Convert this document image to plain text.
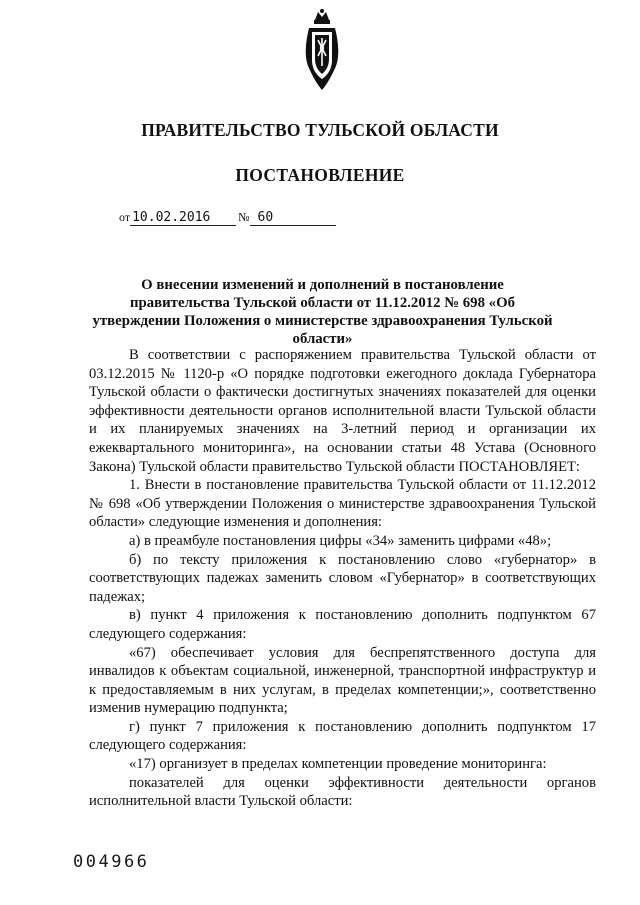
ПРАВИТЕЛЬСТВО ТУЛЬСКОЙ ОБЛАСТИ
ПОСТАНОВЛЕНИЕ
от 10.02.2016	№ 60
О внесении изменений и дополнений в постановление правительства Тульской области от 11.12.2012 № 698 «Об утверждении Положения о министерстве здравоохранения Тульской области»

В соответствии с распоряжением правительства Тульской области от 03.12.2015 № 1120-р «О порядке подготовки ежегодного доклада Губернатора Тульской области о фактически достигнутых значениях показателей для оценки эффективности деятельности органов исполнительной власти Тульской области и их планируемых значениях на 3-летний период и организации их ежеквартального мониторинга», на основании статьи 48 Устава (Основного Закона) Тульской области правительство Тульской области ПОСТАНОВЛЯЕТ:

1. Внести в постановление правительства Тульской области от 11.12.2012 № 698 «Об утверждении Положения о министерстве здравоохранения Тульской области» следующие изменения и дополнения:

а) в преамбуле постановления цифры «34» заменить цифрами «48»;

б) по тексту приложения к постановлению слово «губернатор» в соответствующих падежах заменить словом «Губернатор» в соответствующих падежах;

в) пункт 4 приложения к постановлению дополнить подпунктом 67 следующего содержания:

«67) обеспечивает условия для беспрепятственного доступа для инвалидов к объектам социальной, инженерной, транспортной инфраструктур и к предоставляемым в них услугам, в пределах компетенции;», соответственно изменив нумерацию подпункта;

г) пункт 7 приложения к постановлению дополнить подпунктом 17 следующего содержания:

«17) организует в пределах компетенции проведение мониторинга:

показателей для оценки эффективности деятельности органов исполнительной власти Тульской области:

004966
